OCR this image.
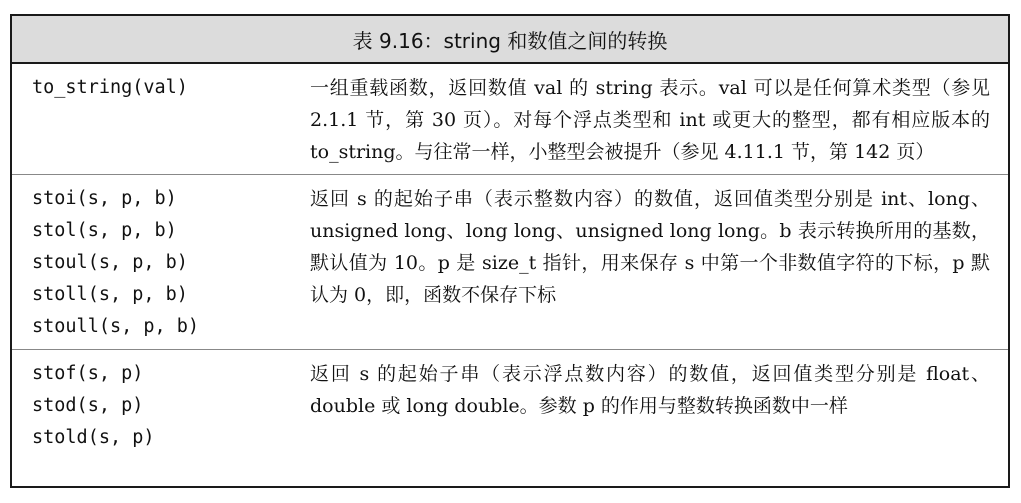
表 9.16：string 和数值之间的转换
to_string(val)	一组重载函数，返回数值 val 的 string 表示。val 可以是任何算术类型（参见 2.1.1 节，第 30 页）。对每个浮点类型和 int 或更大的整型，都有相应版本的 to_string。与往常一样，小整型会被提升（参见 4.11.1 节，第 142 页）
stoi(s, p, b)
stol(s, p, b)
stoul(s, p, b)
stoll(s, p, b)
stoull(s, p, b)
返回 s 的起始子串（表示整数内容）的数值，返回值类型分别是 int、long、unsigned long、long long、unsigned long long。b 表示转换所用的基数，默认值为 10。p 是 size_t 指针，用来保存 s 中第一个非数值字符的下标，p 默认为 0，即，函数不保存下标
stof(s, p)
stod(s, p)
stold(s, p)
返回 s 的起始子串（表示浮点数内容）的数值，返回值类型分别是 float、double 或 long double。参数 p 的作用与整数转换函数中一样
